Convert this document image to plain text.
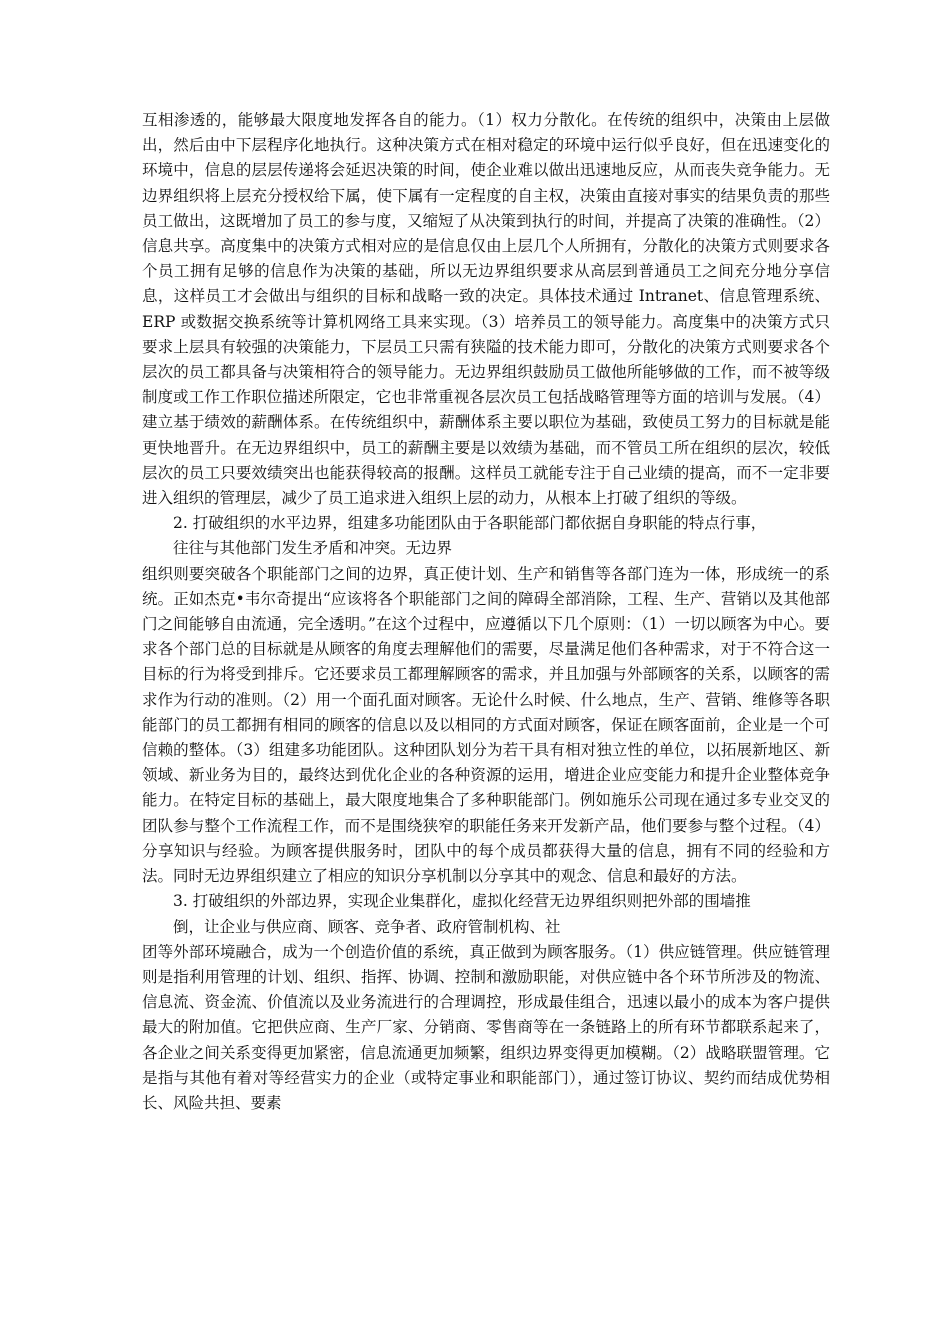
互相渗透的，能够最大限度地发挥各自的能力。（1）权力分散化。在传统的组织中，决策由上层做出，然后由中下层程序化地执行。这种决策方式在相对稳定的环境中运行似乎良好，但在迅速变化的环境中，信息的层层传递将会延迟决策的时间，使企业难以做出迅速地反应，从而丧失竞争能力。无边界组织将上层充分授权给下属，使下属有一定程度的自主权，决策由直接对事实的结果负责的那些员工做出，这既增加了员工的参与度，又缩短了从决策到执行的时间，并提高了决策的准确性。（2）信息共享。高度集中的决策方式相对应的是信息仅由上层几个人所拥有，分散化的决策方式则要求各个员工拥有足够的信息作为决策的基础，所以无边界组织要求从高层到普通员工之间充分地分享信息，这样员工才会做出与组织的目标和战略一致的决定。具体技术通过 Intranet、信息管理系统、ERP 或数据交换系统等计算机网络工具来实现。（3）培养员工的领导能力。高度集中的决策方式只要求上层具有较强的决策能力，下层员工只需有狭隘的技术能力即可，分散化的决策方式则要求各个层次的员工都具备与决策相符合的领导能力。无边界组织鼓励员工做他所能够做的工作，而不被等级制度或工作工作职位描述所限定，它也非常重视各层次员工包括战略管理等方面的培训与发展。（4）建立基于绩效的薪酬体系。在传统组织中，薪酬体系主要以职位为基础，致使员工努力的目标就是能更快地晋升。在无边界组织中，员工的薪酬主要是以效绩为基础，而不管员工所在组织的层次，较低层次的员工只要效绩突出也能获得较高的报酬。这样员工就能专注于自己业绩的提高，而不一定非要进入组织的管理层，减少了员工追求进入组织上层的动力，从根本上打破了组织的等级。

2. 打破组织的水平边界，组建多功能团队由于各职能部门都依据自身职能的特点行事，
往往与其他部门发生矛盾和冲突。无边界

组织则要突破各个职能部门之间的边界，真正使计划、生产和销售等各部门连为一体，形成统一的系统。正如杰克•韦尔奇提出“应该将各个职能部门之间的障碍全部消除，工程、生产、营销以及其他部门之间能够自由流通，完全透明。”在这个过程中，应遵循以下几个原则：（1）一切以顾客为中心。要求各个部门总的目标就是从顾客的角度去理解他们的需要，尽量满足他们各种需求，对于不符合这一目标的行为将受到排斥。它还要求员工都理解顾客的需求，并且加强与外部顾客的关系，以顾客的需求作为行动的准则。（2）用一个面孔面对顾客。无论什么时候、什么地点，生产、营销、维修等各职能部门的员工都拥有相同的顾客的信息以及以相同的方式面对顾客，保证在顾客面前，企业是一个可信赖的整体。（3）组建多功能团队。这种团队划分为若干具有相对独立性的单位，以拓展新地区、新领域、新业务为目的，最终达到优化企业的各种资源的运用，增进企业应变能力和提升企业整体竞争能力。在特定目标的基础上，最大限度地集合了多种职能部门。例如施乐公司现在通过多专业交叉的团队参与整个工作流程工作，而不是围绕狭窄的职能任务来开发新产品，他们要参与整个过程。（4）分享知识与经验。为顾客提供服务时，团队中的每个成员都获得大量的信息，拥有不同的经验和方法。同时无边界组织建立了相应的知识分享机制以分享其中的观念、信息和最好的方法。

3. 打破组织的外部边界，实现企业集群化，虚拟化经营无边界组织则把外部的围墙推
倒，让企业与供应商、顾客、竞争者、政府管制机构、社

团等外部环境融合，成为一个创造价值的系统，真正做到为顾客服务。（1）供应链管理。供应链管理则是指利用管理的计划、组织、指挥、协调、控制和激励职能，对供应链中各个环节所涉及的物流、信息流、资金流、价值流以及业务流进行的合理调控，形成最佳组合，迅速以最小的成本为客户提供最大的附加值。它把供应商、生产厂家、分销商、零售商等在一条链路上的所有环节都联系起来了，各企业之间关系变得更加紧密，信息流通更加频繁，组织边界变得更加模糊。（2）战略联盟管理。它是指与其他有着对等经营实力的企业（或特定事业和职能部门），通过签订协议、契约而结成优势相长、风险共担、要素
